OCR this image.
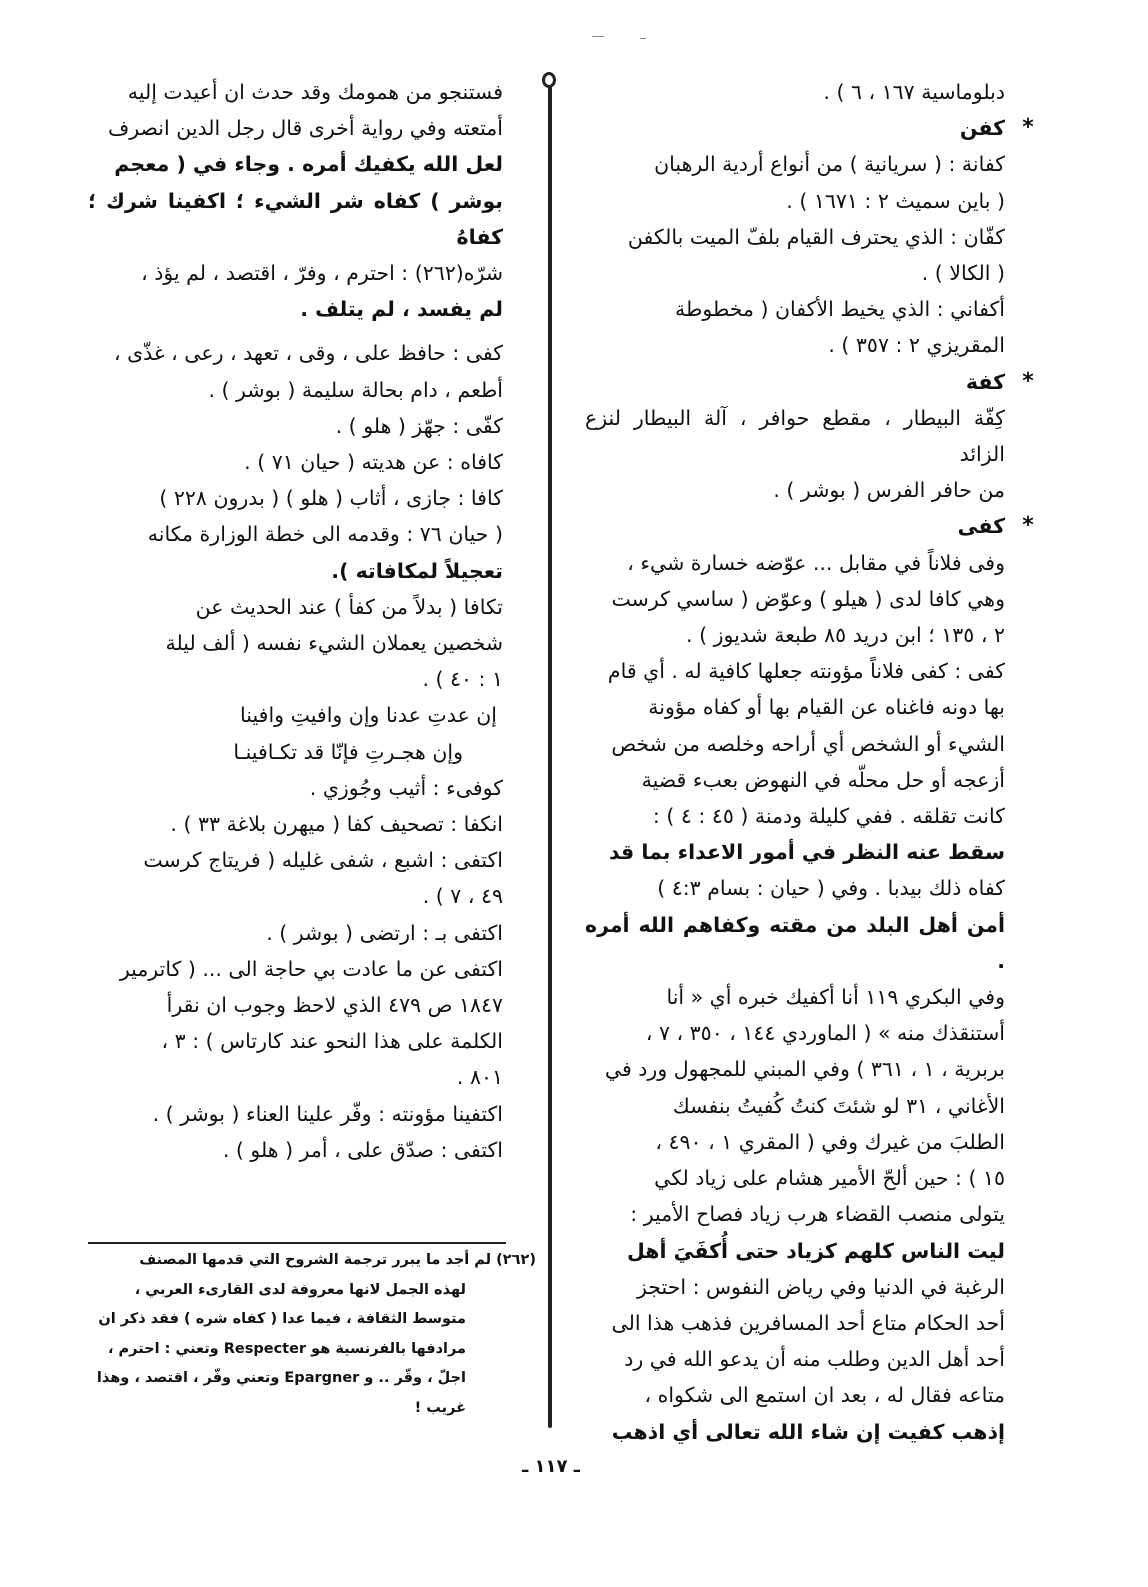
دبلوماسية ١٦٧ ، ٦ ) .

*
كفن

كفانة : ( سريانية ) من أنواع أردية الرهبان

( باين سميث ٢ : ١٦٧١ ) .

كفّان : الذي يحترف القيام بلفّ الميت بالكفن

( الكالا ) .

أكفاني : الذي يخيط الأكفان ( مخطوطة

المقريزي ٢ : ٣٥٧ ) .

*
كفة

كِفّة البيطار ، مقطع حوافر ، آلة البيطار لنزع الزائد

من حافر الفرس ( بوشر ) .

*
كفى

وفى فلاناً في مقابل ... عوّضه خسارة شيء ،

وهي كافا لدى ( هيلو ) وعوّض ( ساسي كرست

٢ ، ١٣٥ ؛ ابن دريد ٨٥ طبعة شديوز ) .

كفى : كفى فلاناً مؤونته جعلها كافية له . أي قام

بها دونه فاغناه عن القيام بها أو كفاه مؤونة

الشيء أو الشخص أي أراحه وخلصه من شخص

أزعجه أو حل محلّه في النهوض بعبء قضية

كانت تقلقه . ففي كليلة ودمنة ( ٤٥ : ٤ ) :

سقط عنه النظر في أمور الاعداء بما قد

كفاه ذلك بيدبا . وفي ( حيان : بسام ٤:٣ )

أمن أهل البلد من مقته وكفاهم الله أمره .

وفي البكري ١١٩ أنا أكفيك خبره أي « أنا

أستنقذك منه » ( الماوردي ١٤٤ ، ٣٥٠ ، ٧ ،

بربرية ، ١ ، ٣٦١ ) وفي المبني للمجهول ورد في

الأغاني ، ٣١ لو شئتَ كنتُ كُفيتُ بنفسك

الطلبَ من غيرك وفي ( المقري ١ ، ٤٩٠ ،

١٥ ) : حين ألحّ الأمير هشام على زياد لكي

يتولى منصب القضاء هرب زياد فصاح الأمير :

ليت الناس كلهم كزياد حتى أُكفَيَ أهل

الرغبة في الدنيا وفي رياض النفوس : احتجز

أحد الحكام متاع أحد المسافرين فذهب هذا الى

أحد أهل الدين وطلب منه أن يدعو الله في رد

متاعه فقال له ، بعد ان استمع الى شكواه ،

إذهب كفيت إن شاء الله تعالى أي اذهب

فستنجو من همومك وقد حدث ان أعيدت إليه

أمتعته وفي رواية أخرى قال رجل الدين انصرف

لعل الله يكفيك أمره . وجاء في ( معجم

بوشر ) كفاه شر الشيء ؛ اكفينا شرك ؛ كفاهُ

شرّه(٢٦٢) : احترم ، وفرّ ، اقتصد ، لم يؤذ ،

لم يفسد ، لم يتلف .

كفى : حافظ على ، وقى ، تعهد ، رعى ، غذّى ،

أطعم ، دام بحالة سليمة ( بوشر ) .

كفّى : جهّز ( هلو ) .

كافاه : عن هديته ( حيان ٧١ ) .

كافا : جازى ، أثاب ( هلو ) ( بدرون ٢٢٨ )

( حيان ٧٦ : وقدمه الى خطة الوزارة مكانه

تعجيلاً لمكافاته ).

تكافا ( بدلاً من كفأ ) عند الحديث عن

شخصين يعملان الشيء نفسه ( ألف ليلة

١ : ٤٠ ) .

إن عدتِ عدنا وإن وافيتِ وافينا

وإن هجـرتِ فإنّا قد تكـافينـا

كوفىء : أثيب وجُوزي .

انكفا : تصحيف كفا ( ميهرن بلاغة ٣٣ ) .

اكتفى : اشبع ، شفى غليله ( فريتاج كرست

٤٩ ، ٧ ) .

اكتفى بـ : ارتضى ( بوشر ) .

اكتفى عن ما عادت بي حاجة الى ... ( كاترمير

١٨٤٧ ص ٤٧٩ الذي لاحظ وجوب ان نقرأ

الكلمة على هذا النحو عند كارتاس ) : ٣ ،

٨٠١ .

اكتفينا مؤونته : وفّر علينا العناء ( بوشر ) .

اكتفى : صدّق على ، أمر ( هلو ) .

(٢٦٢) لم أجد ما يبرر ترجمة الشروح التي قدمها المصنف

لهذه الجمل لانها معروفة لدى القارىء العربي ،

متوسط الثقافة ، فيما عدا ( كفاه شره ) فقد ذكر ان

مرادفها بالفرنسية هو Respecter وتعني : احترم ،

اجلّ ، وقّر .. و Epargner وتعني وفّر ، اقتصد ، وهذا

غريب !

ـ ١١٧ ـ
